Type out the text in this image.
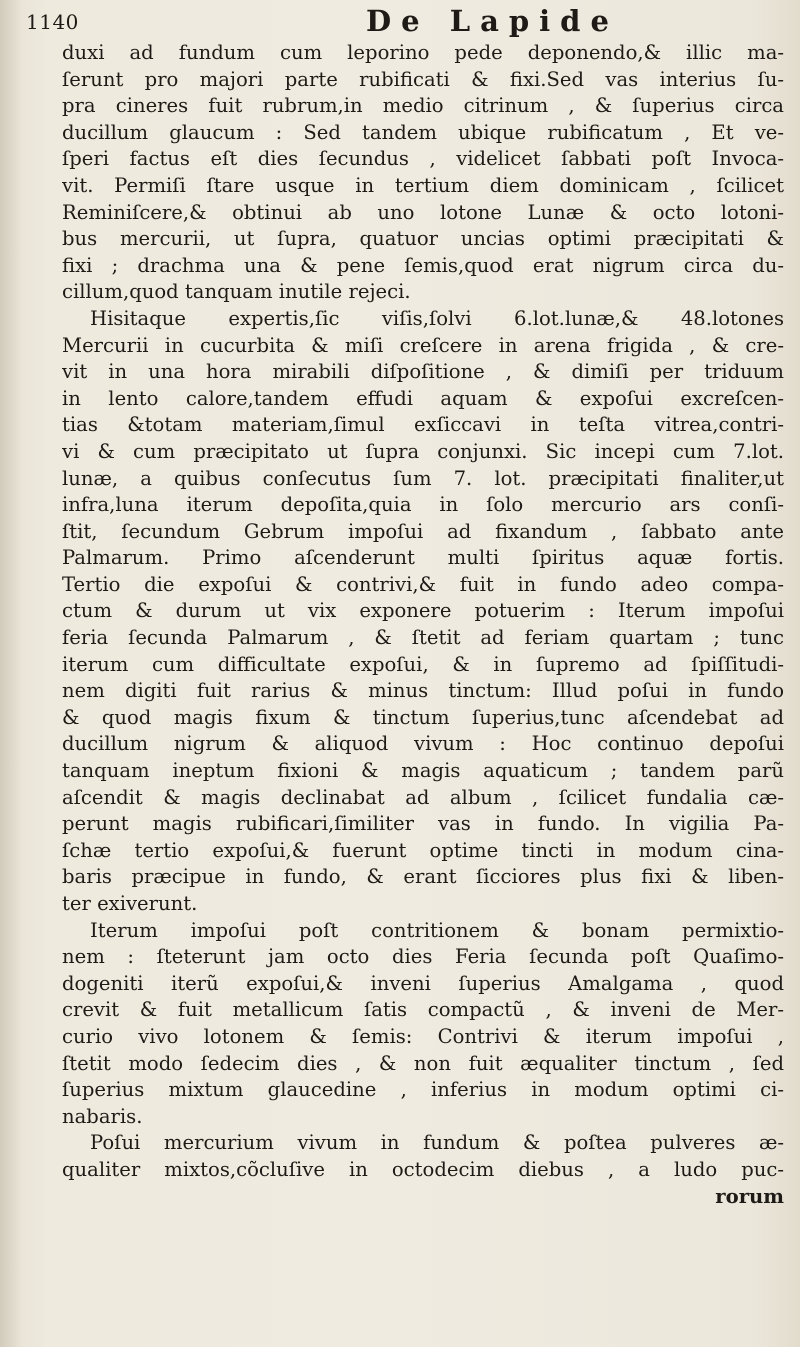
1140	De Lapide
duxi ad fundum cum leporino pede deponendo,& illic ma-
ſerunt pro majori parte rubificati & fixi.Sed vas interius ſu-
pra cineres fuit rubrum,in medio citrinum , & ſuperius circa
ducillum glaucum : Sed tandem ubique rubificatum , Et ve-
ſperi factus eſt dies ſecundus , videlicet ſabbati poſt Invoca-
vit. Permiſi ſtare usque in tertium diem dominicam , ſcilicet
Reminiſcere,& obtinui ab uno lotone Lunæ & octo lotoni-
bus mercurii, ut ſupra, quatuor uncias optimi præcipitati &
fixi ; drachma una & pene ſemis,quod erat nigrum circa du-
cillum,quod tanquam inutile rejeci.
Hisitaque expertis,ſic viſis,ſolvi 6.lot.lunæ,& 48.lotones
Mercurii in cucurbita & miſi creſcere in arena frigida , & cre-
vit in una hora mirabili diſpoſitione , & dimiſi per triduum
in lento calore,tandem effudi aquam & expoſui excreſcen-
tias &totam materiam,ſimul exſiccavi in teſta vitrea,contri-
vi & cum præcipitato ut ſupra conjunxi. Sic incepi cum 7.lot.
lunæ, a quibus conſecutus ſum 7. lot. præcipitati finaliter,ut
infra,luna iterum depoſita,quia in ſolo mercurio ars conſi-
ſtit, ſecundum Gebrum impoſui ad fixandum , ſabbato ante
Palmarum. Primo aſcenderunt multi ſpiritus aquæ fortis.
Tertio die expoſui & contrivi,& fuit in fundo adeo compa-
ctum & durum ut vix exponere potuerim : Iterum impoſui
feria ſecunda Palmarum , & ſtetit ad feriam quartam ; tunc
iterum cum difficultate expoſui, & in ſupremo ad ſpiſſitudi-
nem digiti fuit rarius & minus tinctum: Illud poſui in fundo
& quod magis fixum & tinctum ſuperius,tunc aſcendebat ad
ducillum nigrum & aliquod vivum : Hoc continuo depoſui
tanquam ineptum fixioni & magis aquaticum ; tandem parũ
aſcendit & magis declinabat ad album , ſcilicet fundalia cæ-
perunt magis rubificari,ſimiliter vas in fundo. In vigilia Pa-
ſchæ tertio expoſui,& fuerunt optime tincti in modum cina-
baris præcipue in fundo, & erant ſicciores plus fixi & liben-
ter exiverunt.
Iterum impoſui poſt contritionem & bonam permixtio-
nem : ſteterunt jam octo dies Feria ſecunda poſt Quaſimo-
dogeniti iterũ expoſui,& inveni ſuperius Amalgama , quod
crevit & fuit metallicum ſatis compactũ , & inveni de Mer-
curio vivo lotonem & ſemis: Contrivi & iterum impoſui ,
ſtetit modo ſedecim dies , & non fuit æqualiter tinctum , ſed
ſuperius mixtum glaucedine , inferius in modum optimi ci-
nabaris.
Poſui mercurium vivum in fundum & poſtea pulveres æ-
qualiter mixtos,cõcluſive in octodecim diebus , a ludo puc-
rorum
